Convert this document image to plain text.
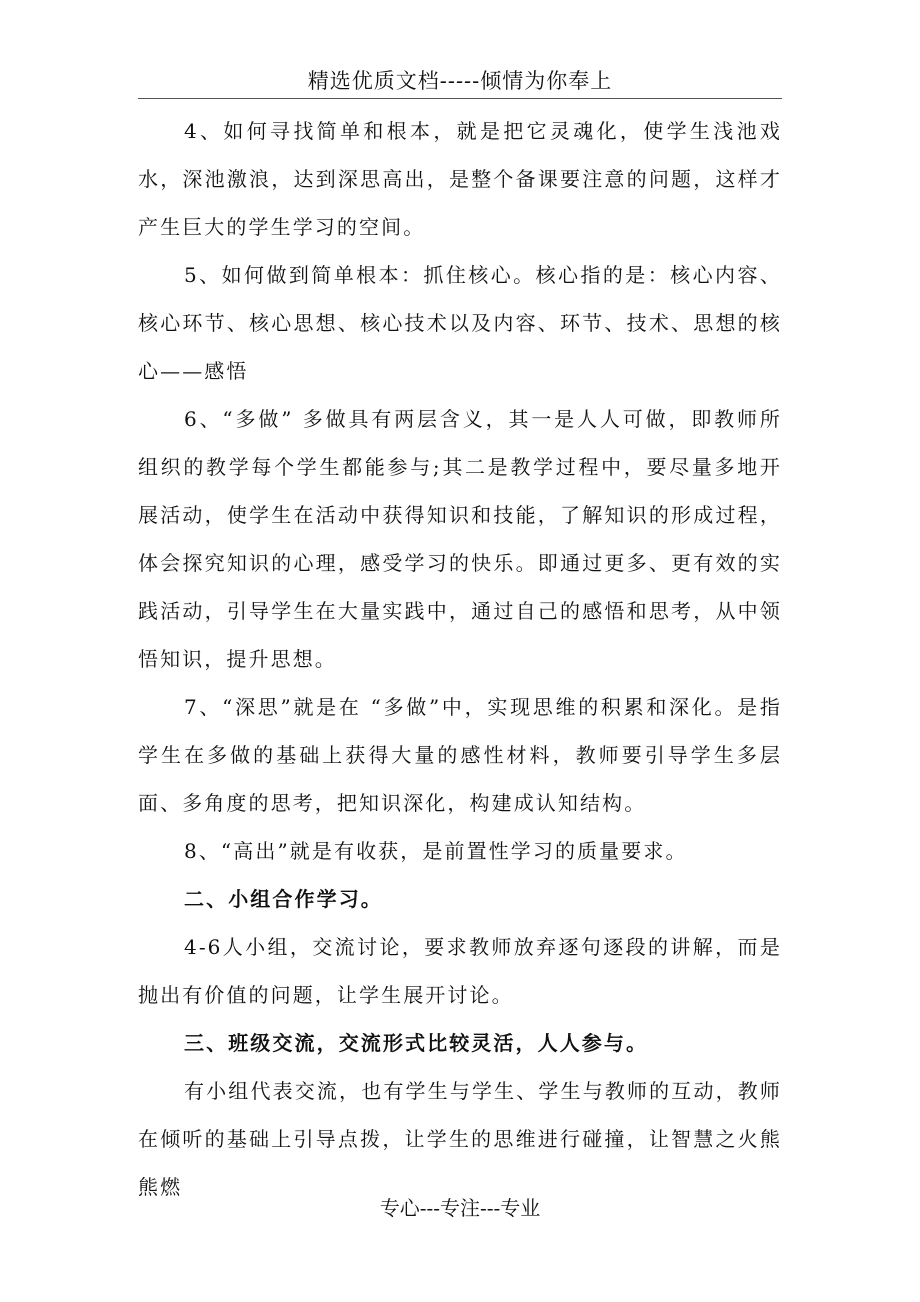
精选优质文档-----倾情为你奉上

4、如何寻找简单和根本，就是把它灵魂化，使学生浅池戏水，深池激浪，达到深思高出，是整个备课要注意的问题，这样才产生巨大的学生学习的空间。

5、如何做到简单根本：抓住核心。核心指的是：核心内容、核心环节、核心思想、核心技术以及内容、环节、技术、思想的核心——感悟

6、“多做” 多做具有两层含义，其一是人人可做，即教师所组织的教学每个学生都能参与;其二是教学过程中，要尽量多地开展活动，使学生在活动中获得知识和技能，了解知识的形成过程，体会探究知识的心理，感受学习的快乐。即通过更多、更有效的实践活动，引导学生在大量实践中，通过自己的感悟和思考，从中领悟知识，提升思想。

7、“深思”就是在 “多做”中，实现思维的积累和深化。是指学生在多做的基础上获得大量的感性材料，教师要引导学生多层面、多角度的思考，把知识深化，构建成认知结构。

8、“高出”就是有收获，是前置性学习的质量要求。

二、小组合作学习。

4-6人小组，交流讨论，要求教师放弃逐句逐段的讲解，而是抛出有价值的问题，让学生展开讨论。

三、班级交流，交流形式比较灵活，人人参与。

有小组代表交流，也有学生与学生、学生与教师的互动，教师在倾听的基础上引导点拨，让学生的思维进行碰撞，让智慧之火熊熊燃

专心---专注---专业
